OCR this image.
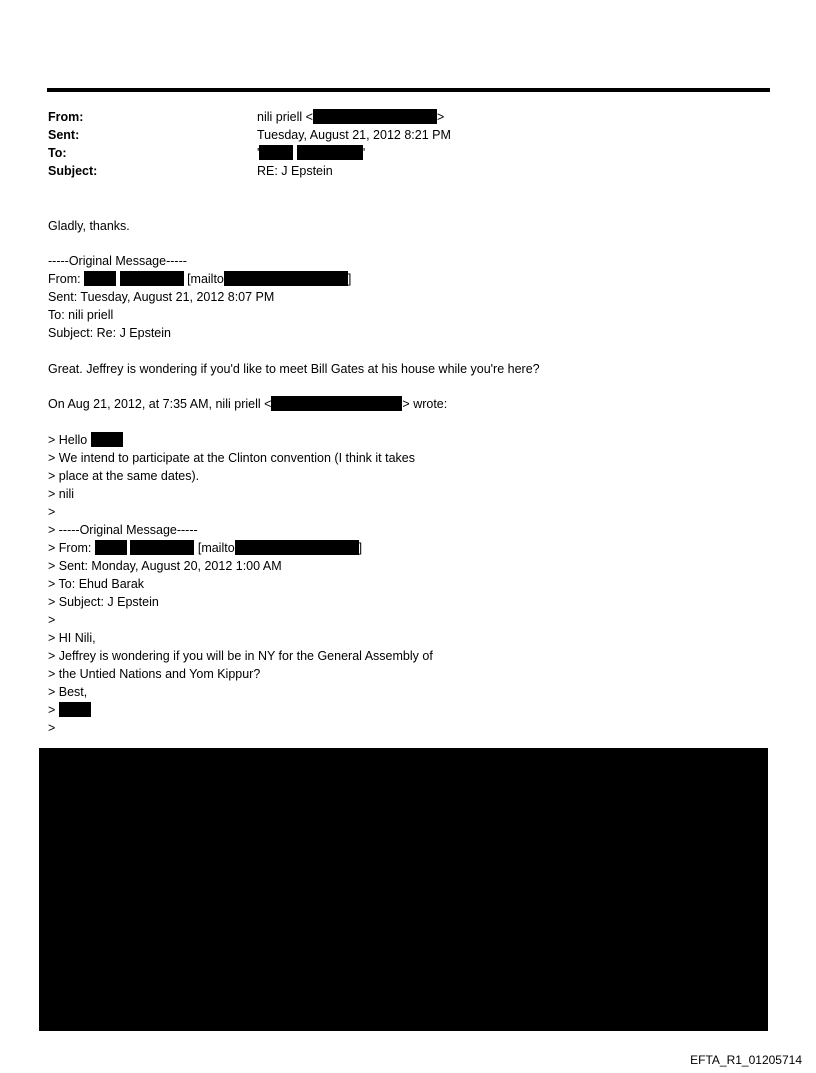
From:	nili priell <	>
Sent:	Tuesday, August 21, 2012 8:21 PM
To:	'	'
Subject:	RE: J Epstein
Gladly, thanks.
-----Original Message-----
From:	[mailto	]
Sent: Tuesday, August 21, 2012 8:07 PM
To: nili priell
Subject: Re: J Epstein
Great. Jeffrey is wondering if you'd like to meet Bill Gates at his house while you're here?
On Aug 21, 2012, at 7:35 AM, nili priell <	> wrote:
> Hello
> We intend to participate at the Clinton convention (I think it takes
> place at the same dates).
> nili
>
> -----Original Message-----
> From:	[mailto	]
> Sent: Monday, August 20, 2012 1:00 AM
> To: Ehud Barak
> Subject: J Epstein
>
> HI Nili,
> Jeffrey is wondering if you will be in NY for the General Assembly of
> the Untied Nations and Yom Kippur?
> Best,
>
>
EFTA_R1_01205714
